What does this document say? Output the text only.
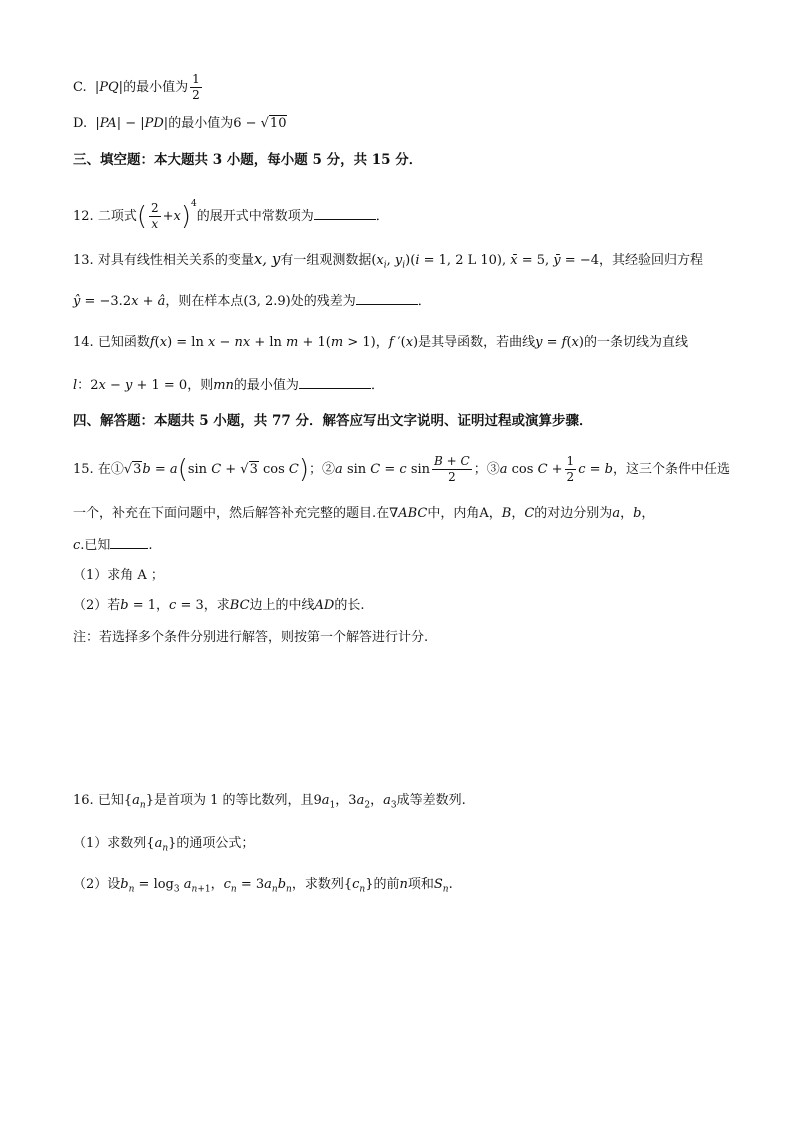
C.  |PQ|的最小值为 $\frac{1}{2}$
D.  |PA| − |PD|的最小值为6 − √10
三、填空题：本大题共 3 小题，每小题 5 分，共 15 分．
12. 二项式( $\frac{2}{x} +x)^4$的展开式中常数项为	．
13. 对具有线性相关关系的变量x, y有一组观测数据($x_i$, $y_i)(i = 1$, 2 L 10), x̄ = 5, ȳ = −4，其经验回归方程
ŷ = −3.2x + â，则在样本点(3, 2.9)处的残差为	．
14. 已知函数f(x) = ln x − nx + ln m + 1(m > 1)，f ′(x)是其导函数，若曲线y = f(x)的一条切线为直线
l：2x − y + 1 = 0，则mn的最小值为	．
四、解答题：本题共 5 小题，共 77 分．解答应写出文字说明、证明过程或演算步骤．
15. 在①√3b = a(sin C + √3 cos C)；②a sin C = c $\sin \frac{B + C}{2}$ ；③a $\cos C + \frac{1}{2}$ c = b，这三个条件中任选
一个，补充在下面问题中，然后解答补充完整的题目.在∇ABC中，内角A，B，C的对边分别为a，b，
c.已知	.
（1）求角 A ；
（2）若b = 1，c = 3，求BC边上的中线AD的长.
注：若选择多个条件分别进行解答，则按第一个解答进行计分.
16. 已知$\{a_n\}$是首项为 1 的等比数列，且$9a_1$，$3a_2$，$a_3$成等差数列.
（1）求数列$\{a_n\}$的通项公式；
（2）设$b_n = \log_3 a_{n+1}$，$c_n = 3a_nb_n$，求数列$\{c_n\}$的前n项和$S_n$.
